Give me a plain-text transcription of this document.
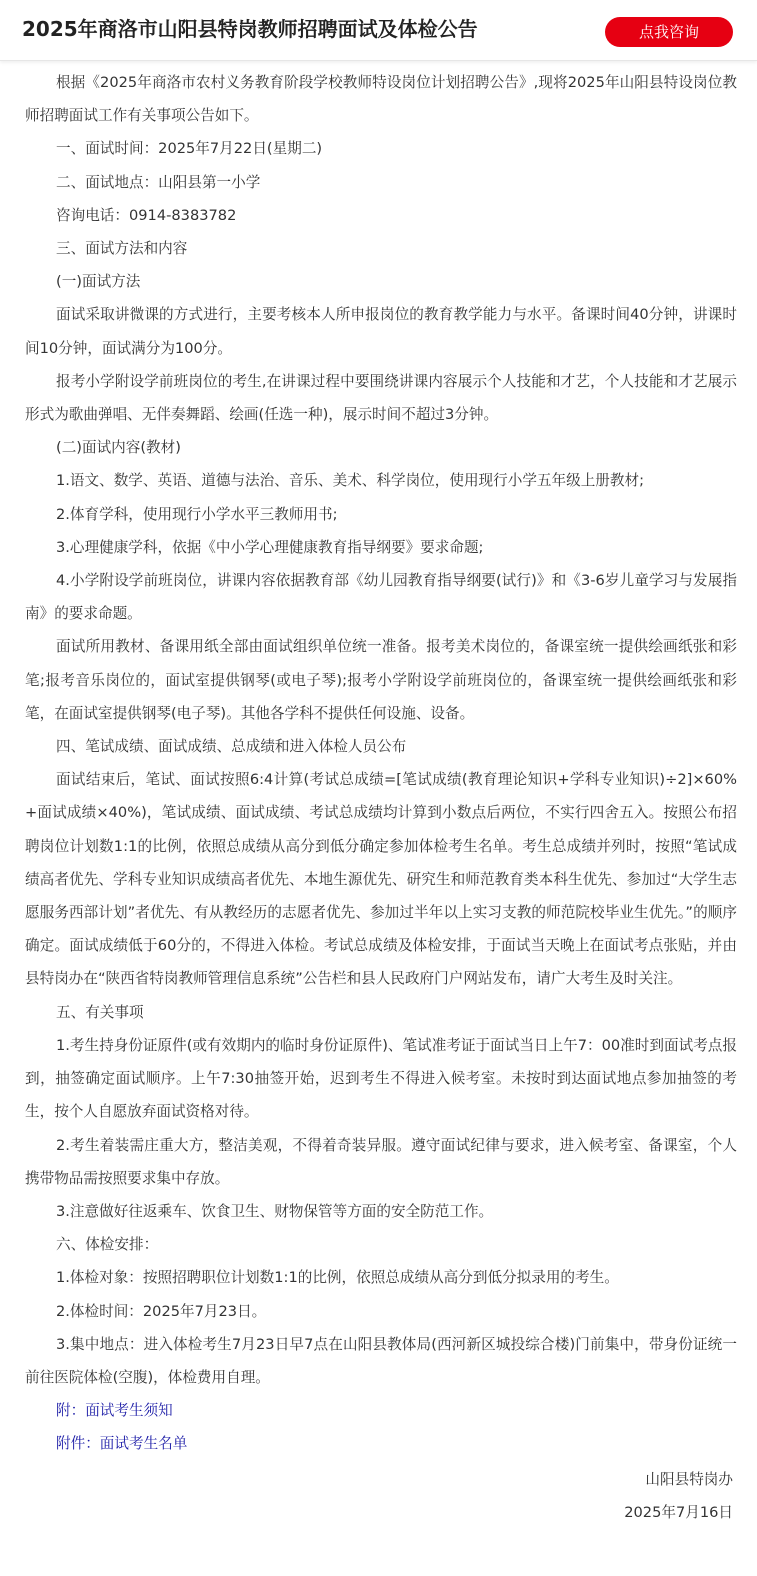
2025年商洛市山阳县特岗教师招聘面试及体检公告	点我咨询

根据《2025年商洛市农村义务教育阶段学校教师特设岗位计划招聘公告》,现将2025年山阳县特设岗位教师招聘面试工作有关事项公告如下。

一、面试时间：2025年7月22日(星期二)

二、面试地点：山阳县第一小学

咨询电话：0914-8383782

三、面试方法和内容

(一)面试方法

面试采取讲微课的方式进行，主要考核本人所申报岗位的教育教学能力与水平。备课时间40分钟，讲课时间10分钟，面试满分为100分。

报考小学附设学前班岗位的考生,在讲课过程中要围绕讲课内容展示个人技能和才艺，个人技能和才艺展示形式为歌曲弹唱、无伴奏舞蹈、绘画(任选一种)，展示时间不超过3分钟。

(二)面试内容(教材)

1.语文、数学、英语、道德与法治、音乐、美术、科学岗位，使用现行小学五年级上册教材;

2.体育学科，使用现行小学水平三教师用书;

3.心理健康学科，依据《中小学心理健康教育指导纲要》要求命题;

4.小学附设学前班岗位，讲课内容依据教育部《幼儿园教育指导纲要(试行)》和《3-6岁儿童学习与发展指南》的要求命题。

面试所用教材、备课用纸全部由面试组织单位统一准备。报考美术岗位的，备课室统一提供绘画纸张和彩笔;报考音乐岗位的，面试室提供钢琴(或电子琴);报考小学附设学前班岗位的，备课室统一提供绘画纸张和彩笔，在面试室提供钢琴(电子琴)。其他各学科不提供任何设施、设备。

四、笔试成绩、面试成绩、总成绩和进入体检人员公布

面试结束后，笔试、面试按照6:4计算(考试总成绩=[笔试成绩(教育理论知识+学科专业知识)÷2]×60%+面试成绩×40%)，笔试成绩、面试成绩、考试总成绩均计算到小数点后两位，不实行四舍五入。按照公布招聘岗位计划数1:1的比例，依照总成绩从高分到低分确定参加体检考生名单。考生总成绩并列时，按照“笔试成绩高者优先、学科专业知识成绩高者优先、本地生源优先、研究生和师范教育类本科生优先、参加过“大学生志愿服务西部计划”者优先、有从教经历的志愿者优先、参加过半年以上实习支教的师范院校毕业生优先。”的顺序确定。面试成绩低于60分的，不得进入体检。考试总成绩及体检安排，于面试当天晚上在面试考点张贴，并由县特岗办在“陕西省特岗教师管理信息系统”公告栏和县人民政府门户网站发布，请广大考生及时关注。

五、有关事项

1.考生持身份证原件(或有效期内的临时身份证原件)、笔试准考证于面试当日上午7：00准时到面试考点报到，抽签确定面试顺序。上午7:30抽签开始，迟到考生不得进入候考室。未按时到达面试地点参加抽签的考生，按个人自愿放弃面试资格对待。

2.考生着装需庄重大方，整洁美观，不得着奇装异服。遵守面试纪律与要求，进入候考室、备课室，个人携带物品需按照要求集中存放。

3.注意做好往返乘车、饮食卫生、财物保管等方面的安全防范工作。

六、体检安排：

1.体检对象：按照招聘职位计划数1:1的比例，依照总成绩从高分到低分拟录用的考生。

2.体检时间：2025年7月23日。

3.集中地点：进入体检考生7月23日早7点在山阳县教体局(西河新区城投综合楼)门前集中，带身份证统一前往医院体检(空腹)，体检费用自理。

附：面试考生须知

附件：面试考生名单

山阳县特岗办

2025年7月16日
